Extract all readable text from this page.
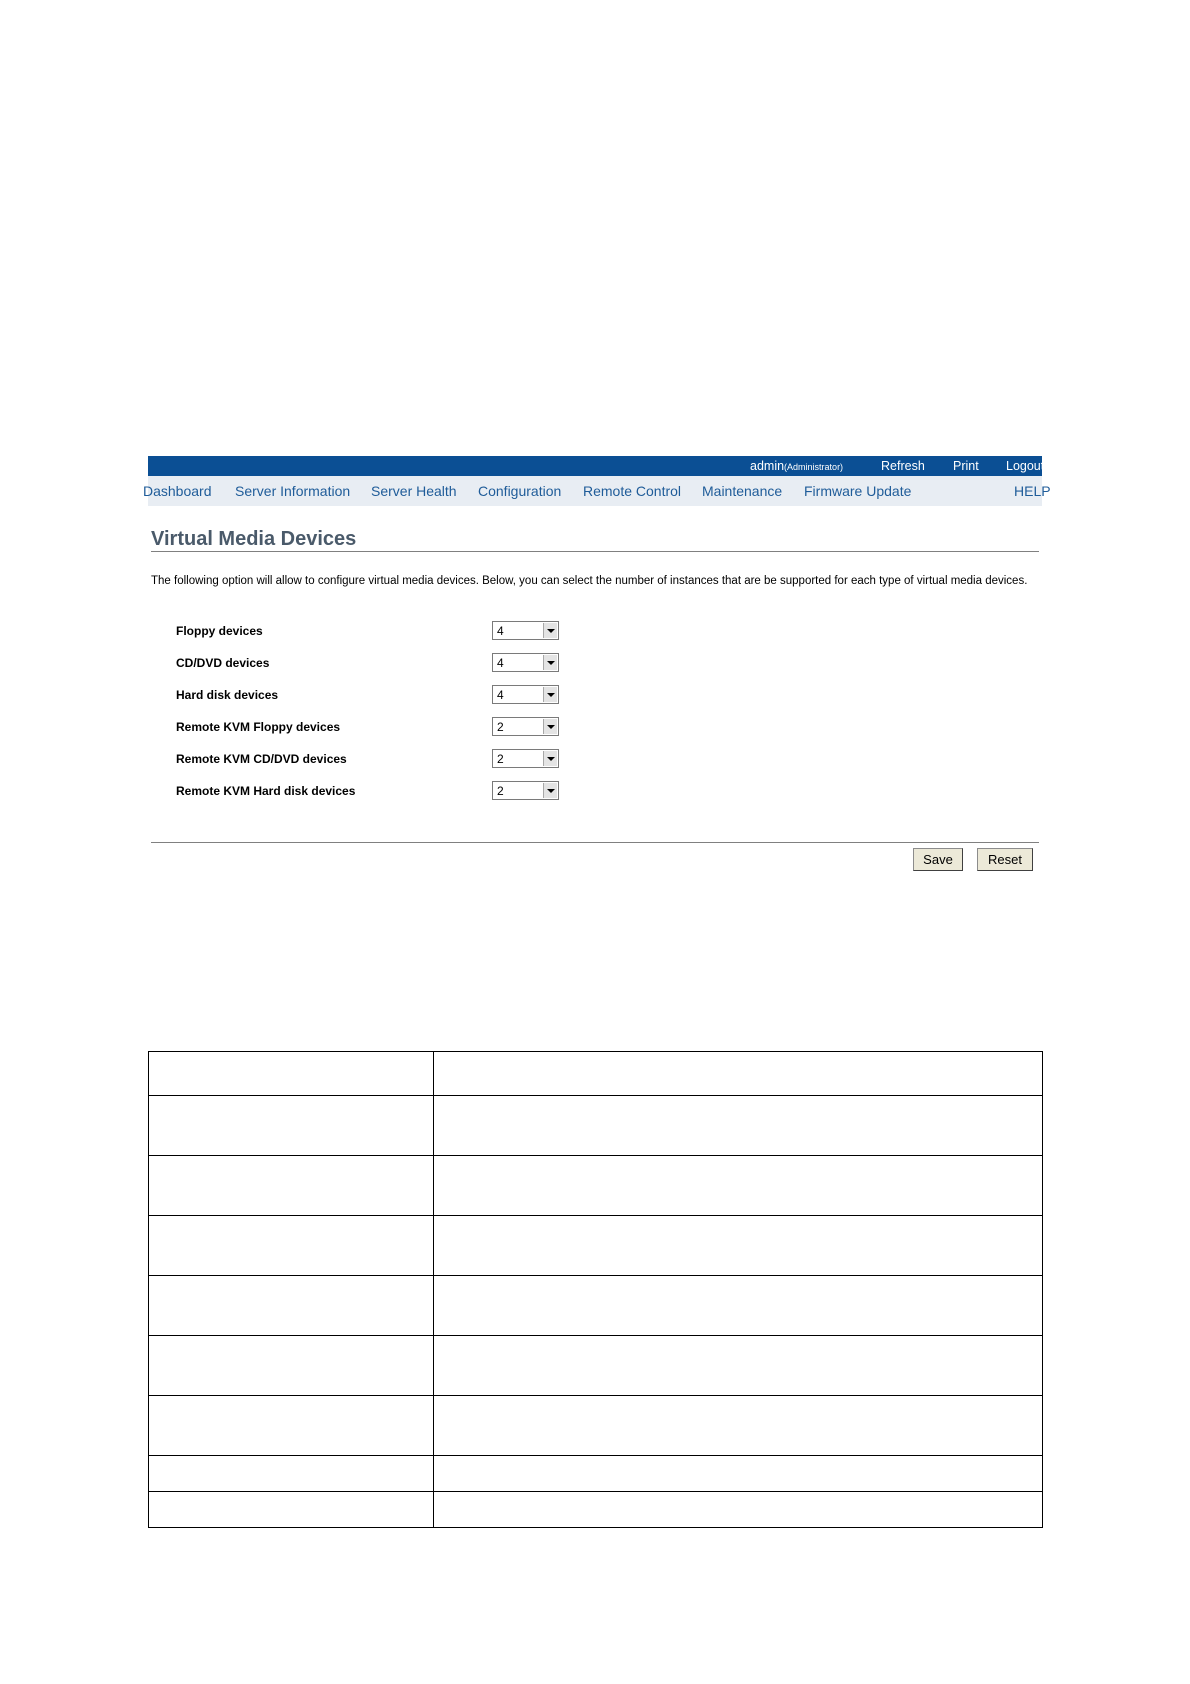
admin(Administrator)	Refresh Print Logout
Dashboard Server Information Server Health Configuration Remote Control Maintenance Firmware Update	HELP
Virtual Media Devices
The following option will allow to configure virtual media devices. Below, you can select the number of instances that are be supported for each type of virtual media devices.
Floppy devices	4
CD/DVD devices	4
Hard disk devices	4
Remote KVM Floppy devices	2
Remote KVM CD/DVD devices	2
Remote KVM Hard disk devices	2
Save	Reset
